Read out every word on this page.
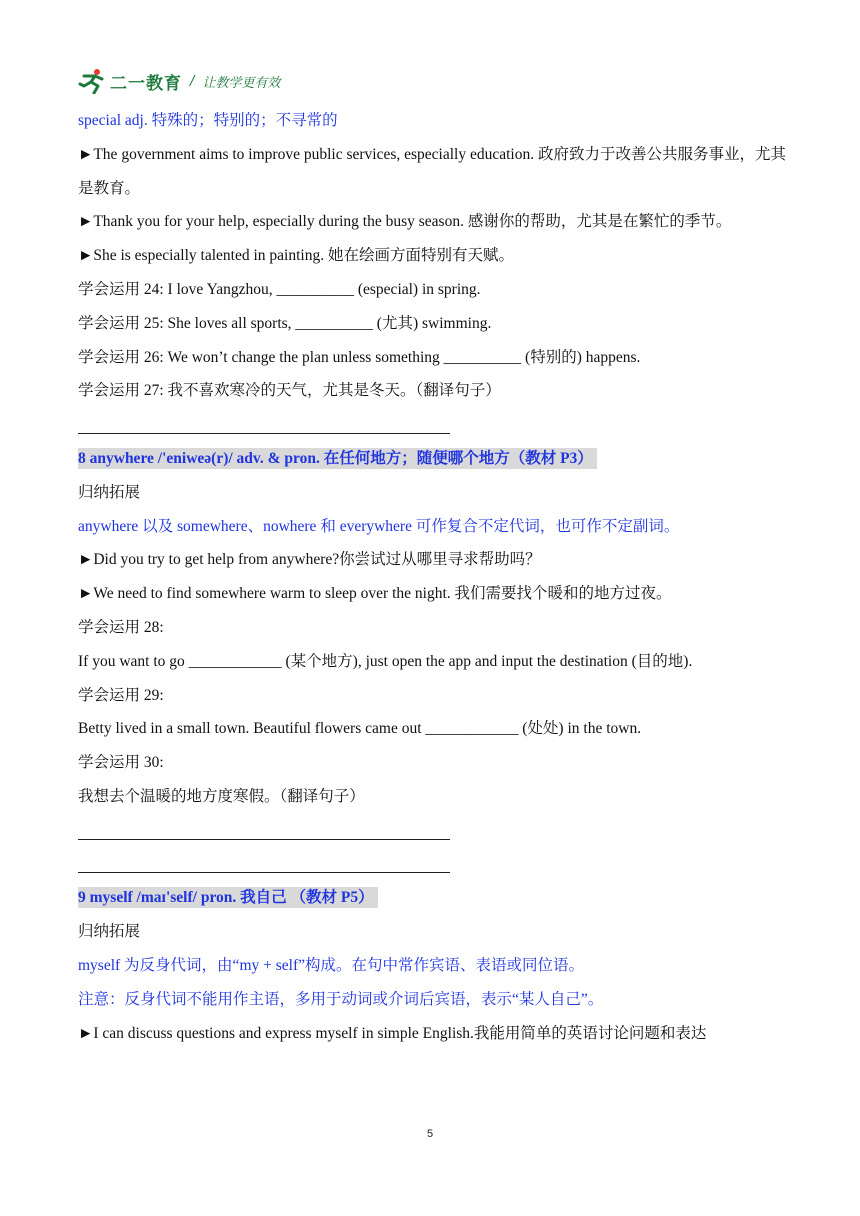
二一教育 / 让教学更有效
special adj. 特殊的；特别的；不寻常的
►The government aims to improve public services, especially education. 政府致力于改善公共服务事业，尤其是教育。
►Thank you for your help, especially during the busy season. 感谢你的帮助，尤其是在繁忙的季节。
►She is especially talented in painting. 她在绘画方面特别有天赋。
学会运用 24: I love Yangzhou, __________ (especial) in spring.
学会运用 25: She loves all sports, __________ (尤其) swimming.
学会运用 26: We won’t change the plan unless something __________ (特别的) happens.
学会运用 27: 我不喜欢寒冷的天气，尤其是冬天。（翻译句子）
8 anywhere /'eniweə(r)/ adv. & pron. 在任何地方；随便哪个地方（教材 P3）
归纳拓展
anywhere 以及 somewhere、nowhere 和 everywhere 可作复合不定代词，也可作不定副词。
►Did you try to get help from anywhere?你尝试过从哪里寻求帮助吗？
►We need to find somewhere warm to sleep over the night. 我们需要找个暖和的地方过夜。
学会运用 28:
If you want to go ____________ (某个地方), just open the app and input the destination (目的地).
学会运用 29:
Betty lived in a small town. Beautiful flowers came out ____________ (处处) in the town.
学会运用 30:
我想去个温暖的地方度寒假。（翻译句子）
9 myself /maɪ'self/ pron. 我自己 （教材 P5）
归纳拓展
myself 为反身代词，由“my + self”构成。在句中常作宾语、表语或同位语。
注意：反身代词不能用作主语，多用于动词或介词后宾语，表示“某人自己”。
►I can discuss questions and express myself in simple English.我能用简单的英语讨论问题和表达
5
